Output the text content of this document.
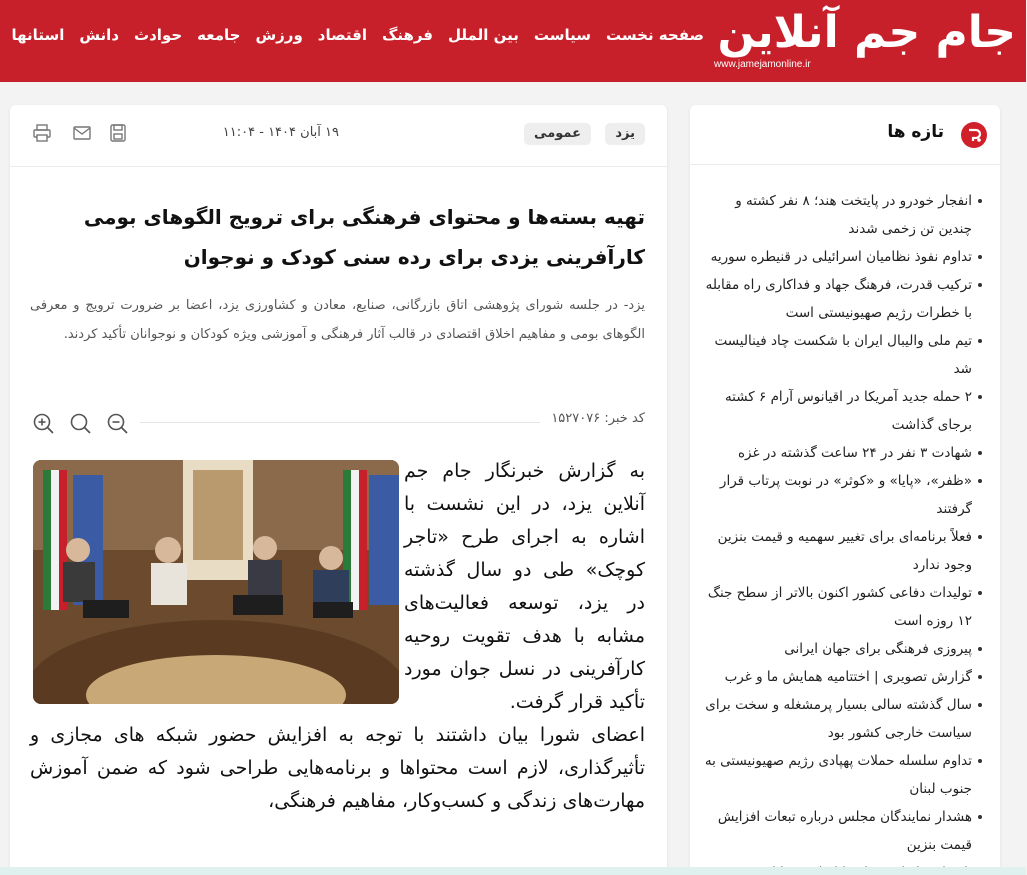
جام جم آنلاین
www.jamejamonline.ir
صفحه نخست
سیاست
بین الملل
فرهنگ
اقتصاد
ورزش
جامعه
حوادث
دانش
استانها
یزد
عمومی
۱۹ آبان ۱۴۰۴ - ۱۱:۰۴
تهیه بسته‌ها و محتوای فرهنگی برای ترویج الگوهای بومی کارآفرینی یزدی برای رده سنی کودک و نوجوان

یزد- در جلسه شورای پژوهشی اتاق بازرگانی، صنایع، معادن و کشاورزی یزد، اعضا بر ضرورت ترویج و معرفی الگوهای بومی و مفاهیم اخلاق اقتصادی در قالب آثار فرهنگی و آموزشی ویژه کودکان و نوجوانان تأکید کردند.

کد خبر: ۱۵۲۷۰۷۶

به گزارش خبرنگار جام جم آنلاین یزد، در این نشست با اشاره به اجرای طرح «تاجر کوچک» طی دو سال گذشته در یزد، توسعه فعالیت‌های مشابه با هدف تقویت روحیه کارآفرینی در نسل جوان مورد تأکید قرار گرفت.

اعضای شورا بیان داشتند با توجه به افزایش حضور شبکه های مجازی و تأثیرگذاری، لازم است محتواها و برنامه‌هایی طراحی شود که ضمن آموزش مهارت‌های زندگی و کسب‌وکار، مفاهیم فرهنگی،

تازه ها
انفجار خودرو در پایتخت هند؛ ۸ نفر کشته و چندین تن زخمی شدند
تداوم نفوذ نظامیان اسرائیلی در قنیطره سوریه
ترکیب قدرت، فرهنگ جهاد و فداکاری راه مقابله با خطرات رژیم صهیونیستی است
تیم ملی والیبال ایران با شکست چاد فینالیست شد
۲ حمله جدید آمریکا در اقیانوس آرام ۶ کشته برجای گذاشت
شهادت ۳ نفر در ۲۴ ساعت گذشته در غزه
«ظفر»، «پایا» و «کوثر» در نوبت پرتاب قرار گرفتند
فعلاً برنامه‌ای برای تغییر سهمیه و قیمت بنزین وجود ندارد
تولیدات دفاعی کشور اکنون بالاتر از سطح جنگ ۱۲ روزه است
پیروزی فرهنگی برای جهان ایرانی
گزارش تصویری | اختتامیه همایش ما و غرب
سال گذشته سالی بسیار پرمشغله و سخت برای سیاست خارجی کشور بود
تداوم سلسله حملات پهپادی رژیم صهیونیستی به جنوب لبنان
هشدار نمایندگان مجلس درباره تبعات افزایش قیمت بنزین
